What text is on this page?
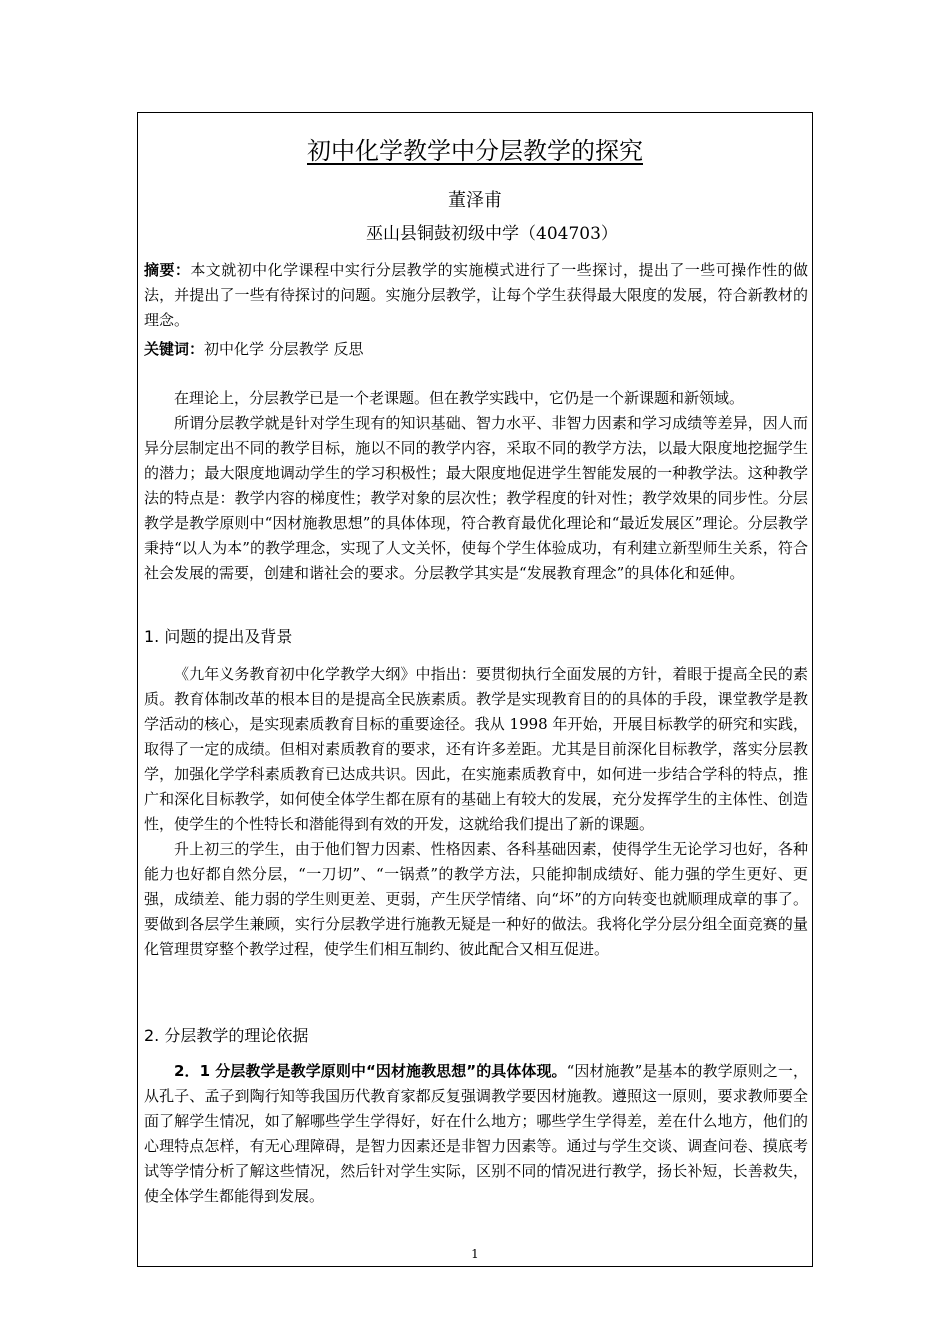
初中化学教学中分层教学的探究
董泽甫
巫山县铜鼓初级中学（404703）
摘要：本文就初中化学课程中实行分层教学的实施模式进行了一些探讨，提出了一些可操作性的做法，并提出了一些有待探讨的问题。实施分层教学，让每个学生获得最大限度的发展，符合新教材的理念。
关键词：初中化学 分层教学 反思

在理论上，分层教学已是一个老课题。但在教学实践中，它仍是一个新课题和新领域。

所谓分层教学就是针对学生现有的知识基础、智力水平、非智力因素和学习成绩等差异，因人而异分层制定出不同的教学目标，施以不同的教学内容，采取不同的教学方法，以最大限度地挖掘学生的潜力；最大限度地调动学生的学习积极性；最大限度地促进学生智能发展的一种教学法。这种教学法的特点是：教学内容的梯度性；教学对象的层次性；教学程度的针对性；教学效果的同步性。分层教学是教学原则中“因材施教思想”的具体体现，符合教育最优化理论和“最近发展区”理论。分层教学秉持“以人为本”的教学理念，实现了人文关怀，使每个学生体验成功，有利建立新型师生关系，符合社会发展的需要，创建和谐社会的要求。分层教学其实是“发展教育理念”的具体化和延伸。

1. 问题的提出及背景

《九年义务教育初中化学教学大纲》中指出：要贯彻执行全面发展的方针，着眼于提高全民的素质。教育体制改革的根本目的是提高全民族素质。教学是实现教育目的的具体的手段，课堂教学是教学活动的核心，是实现素质教育目标的重要途径。我从 1998 年开始，开展目标教学的研究和实践，取得了一定的成绩。但相对素质教育的要求，还有许多差距。尤其是目前深化目标教学，落实分层教学，加强化学学科素质教育已达成共识。因此，在实施素质教育中，如何进一步结合学科的特点，推广和深化目标教学，如何使全体学生都在原有的基础上有较大的发展，充分发挥学生的主体性、创造性，使学生的个性特长和潜能得到有效的开发，这就给我们提出了新的课题。

升上初三的学生，由于他们智力因素、性格因素、各科基础因素，使得学生无论学习也好，各种能力也好都自然分层，“一刀切”、“一锅煮”的教学方法，只能抑制成绩好、能力强的学生更好、更强，成绩差、能力弱的学生则更差、更弱，产生厌学情绪、向“坏”的方向转变也就顺理成章的事了。要做到各层学生兼顾，实行分层教学进行施教无疑是一种好的做法。我将化学分层分组全面竞赛的量化管理贯穿整个教学过程，使学生们相互制约、彼此配合又相互促进。

2. 分层教学的理论依据

2．1 分层教学是教学原则中“因材施教思想”的具体体现。“因材施教”是基本的教学原则之一，从孔子、孟子到陶行知等我国历代教育家都反复强调教学要因材施教。遵照这一原则，要求教师要全面了解学生情况，如了解哪些学生学得好，好在什么地方；哪些学生学得差，差在什么地方，他们的心理特点怎样，有无心理障碍，是智力因素还是非智力因素等。通过与学生交谈、调查问卷、摸底考试等学情分析了解这些情况，然后针对学生实际，区别不同的情况进行教学，扬长补短，长善救失，使全体学生都能得到发展。

1
